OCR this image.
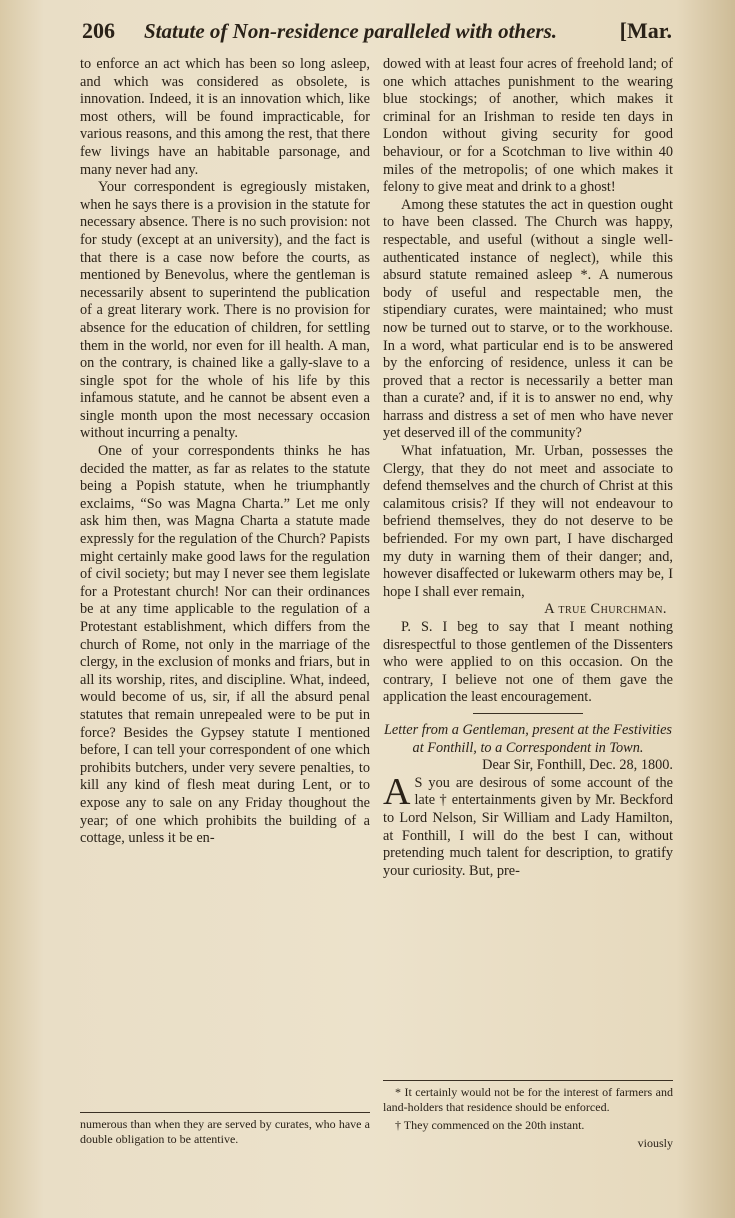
206	Statute of Non-residence paralleled with others.	[Mar.

to enforce an act which has been so long asleep, and which was considered as obsolete, is innovation. Indeed, it is an innovation which, like most others, will be found impracticable, for various reasons, and this among the rest, that there few livings have an habitable parsonage, and many never had any.

Your correspondent is egregiously mistaken, when he says there is a provision in the statute for necessary absence. There is no such provision: not for study (except at an university), and the fact is that there is a case now before the courts, as mentioned by Benevolus, where the gentleman is necessarily absent to superintend the publication of a great literary work. There is no provision for absence for the education of children, for settling them in the world, nor even for ill health. A man, on the contrary, is chained like a gally-slave to a single spot for the whole of his life by this infamous statute, and he cannot be absent even a single month upon the most necessary occasion without incurring a penalty.

One of your correspondents thinks he has decided the matter, as far as relates to the statute being a Popish statute, when he triumphantly exclaims, “So was Magna Charta.” Let me only ask him then, was Magna Charta a statute made expressly for the regulation of the Church? Papists might certainly make good laws for the regulation of civil society; but may I never see them legislate for a Protestant church! Nor can their ordinances be at any time applicable to the regulation of a Protestant establishment, which differs from the church of Rome, not only in the marriage of the clergy, in the exclusion of monks and friars, but in all its worship, rites, and discipline. What, indeed, would become of us, sir, if all the absurd penal statutes that remain unrepealed were to be put in force? Besides the Gypsey statute I mentioned before, I can tell your correspondent of one which prohibits butchers, under very severe penalties, to kill any kind of flesh meat during Lent, or to expose any to sale on any Friday thoughout the year; of one which prohibits the building of a cottage, unless it be en-

numerous than when they are served by curates, who have a double obligation to be attentive.

dowed with at least four acres of freehold land; of one which attaches punishment to the wearing blue stockings; of another, which makes it criminal for an Irishman to reside ten days in London without giving security for good behaviour, or for a Scotchman to live within 40 miles of the metropolis; of one which makes it felony to give meat and drink to a ghost!

Among these statutes the act in question ought to have been classed. The Church was happy, respectable, and useful (without a single well-authenticated instance of neglect), while this absurd statute remained asleep *. A numerous body of useful and respectable men, the stipendiary curates, were maintained; who must now be turned out to starve, or to the workhouse. In a word, what particular end is to be answered by the enforcing of residence, unless it can be proved that a rector is necessarily a better man than a curate? and, if it is to answer no end, why harrass and distress a set of men who have never yet deserved ill of the community?

What infatuation, Mr. Urban, possesses the Clergy, that they do not meet and associate to defend themselves and the church of Christ at this calamitous crisis? If they will not endeavour to befriend themselves, they do not deserve to be befriended. For my own part, I have discharged my duty in warning them of their danger; and, however disaffected or lukewarm others may be, I hope I shall ever remain,

A true Churchman.

P. S. I beg to say that I meant nothing disrespectful to those gentlemen of the Dissenters who were applied to on this occasion. On the contrary, I believe not one of them gave the application the least encouragement.

Letter from a Gentleman, present at the Festivities at Fonthill, to a Correspondent in Town.

Dear Sir, Fonthill, Dec. 28, 1800.

A S you are desirous of some account of the late † entertainments given by Mr. Beckford to Lord Nelson, Sir William and Lady Hamilton, at Fonthill, I will do the best I can, without pretending much talent for description, to gratify your curiosity. But, pre-

* It certainly would not be for the interest of farmers and land-holders that residence should be enforced.

† They commenced on the 20th instant.

viously
